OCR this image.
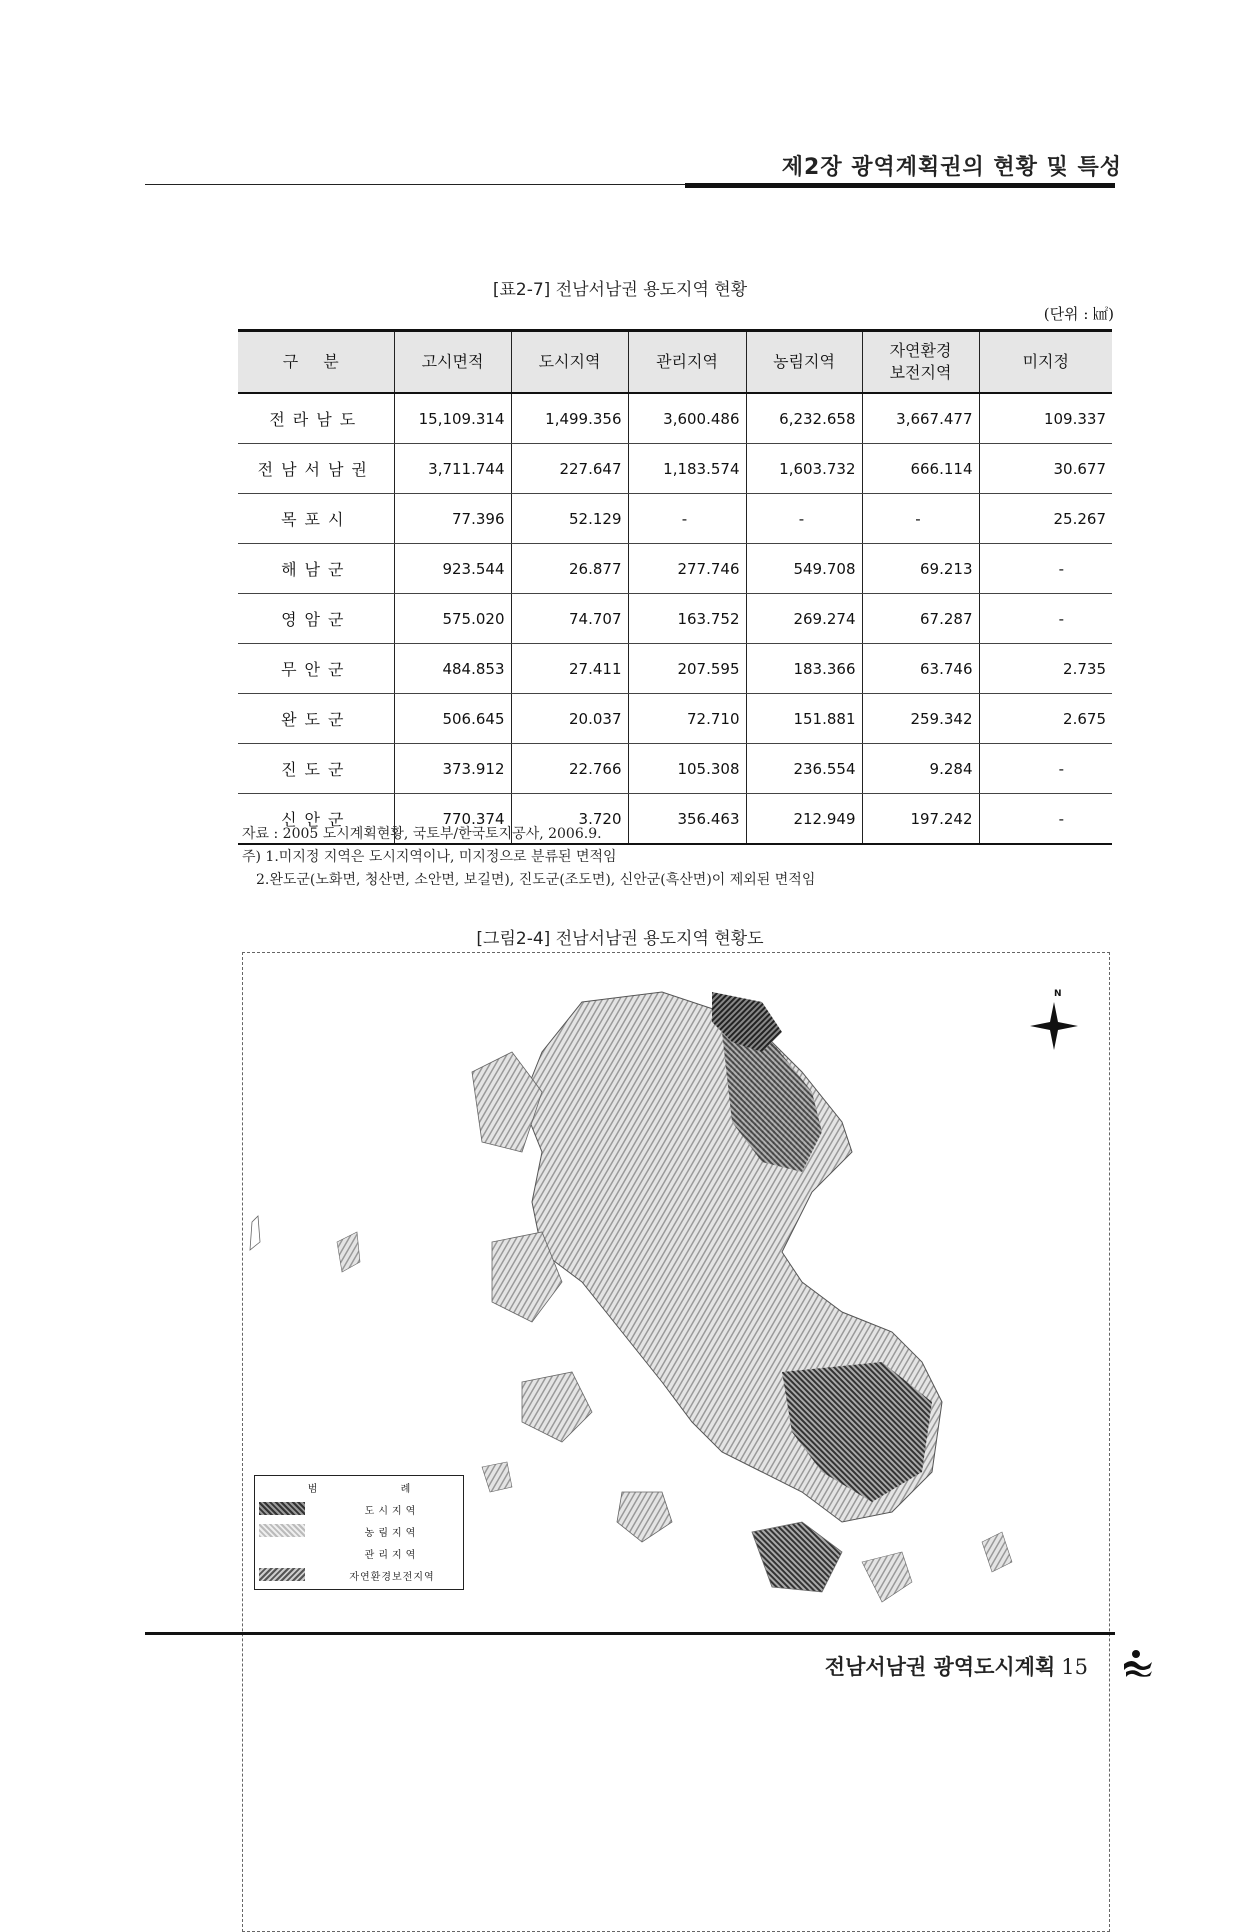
제2장 광역계획권의 현황 및 특성
[표2-7] 전남서남권 용도지역 현황
(단위 : ㎢)
구 분	고시면적	도시지역	관리지역	농림지역	자연환경
보전지역	미지정
전라남도	15,109.314	1,499.356	3,600.486	6,232.658	3,667.477	109.337
전남서남권	3,711.744	227.647	1,183.574	1,603.732	666.114	30.677
목포시	77.396	52.129	-	-	-	25.267
해남군	923.544	26.877	277.746	549.708	69.213	-
영암군	575.020	74.707	163.752	269.274	67.287	-
무안군	484.853	27.411	207.595	183.366	63.746	2.735
완도군	506.645	20.037	72.710	151.881	259.342	2.675
진도군	373.912	22.766	105.308	236.554	9.284	-
신안군	770.374	3.720	356.463	212.949	197.242	-
자료 : 2005 도시계획현황, 국토부/한국토지공사, 2006.9.
주) 1.미지정 지역은 도시지역이나, 미지정으로 분류된 면적임
2.완도군(노화면, 청산면, 소안면, 보길면), 진도군(조도면), 신안군(흑산면)이 제외된 면적임
[그림2-4] 전남서남권 용도지역 현황도
N
범	례
도시지역
농림지역
관리지역
자연환경보전지역
전남서남권 광역도시계획 15
